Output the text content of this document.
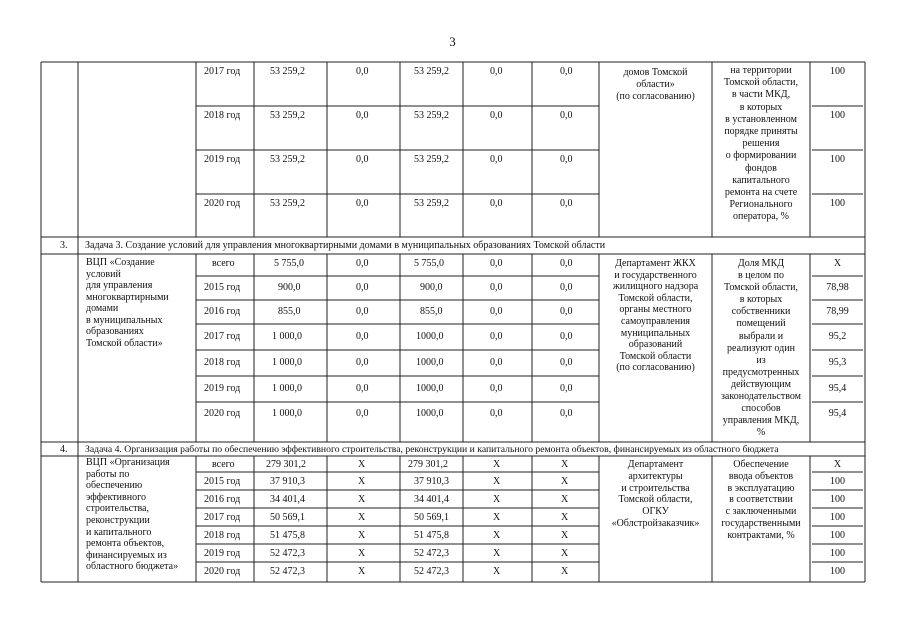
3
2017 год
2018 год
2019 год
2020 год
53 259,2
53 259,2
53 259,2
53 259,2
0,0
0,0
0,0
0,0
53 259,2
53 259,2
53 259,2
53 259,2
0,0
0,0
0,0
0,0
0,0
0,0
0,0
0,0
домов Томской
области»
(по согласованию)
на территории
Томской области,
в части МКД,
в которых
в установленном
порядке приняты
решения
о формировании
фондов
капитального
ремонта на счете
Регионального
оператора, %
100
100
100
100
3. Задача 3. Создание условий для управления многоквартирными домами в муниципальных образованиях Томской области
ВЦП «Создание
условий
для управления
многоквартирными
домами
в муниципальных
образованиях
Томской области»
всего
2015 год
2016 год
2017 год
2018 год
2019 год
2020 год
5 755,0
900,0
855,0
1 000,0
1 000,0
1 000,0
1 000,0
0,0
0,0
0,0
0,0
0,0
0,0
0,0
5 755,0
900,0
855,0
1000,0
1000,0
1000,0
1000,0
0,0
0,0
0,0
0,0
0,0
0,0
0,0
0,0
0,0
0,0
0,0
0,0
0,0
0,0
Департамент ЖКХ
и государственного
жилищного надзора
Томской области,
органы местного
самоуправления
муниципальных
образований
Томской области
(по согласованию)
Доля МКД
в целом по
Томской области,
в которых
собственники
помещений
выбрали и
реализуют один
из
предусмотренных
действующим
законодательством
способов
управления МКД,
%
Х
78,98
78,99
95,2
95,3
95,4
95,4
4. Задача 4. Организация работы по обеспечению эффективного строительства, реконструкции и капитального ремонта объектов, финансируемых из областного бюджета
ВЦП «Организация
работы по
обеспечению
эффективного
строительства,
реконструкции
и капитального
ремонта объектов,
финансируемых из
областного бюджета»
всего
2015 год
2016 год
2017 год
2018 год
2019 год
2020 год
279 301,2
37 910,3
34 401,4
50 569,1
51 475,8
52 472,3
52 472,3
Х
Х
Х
Х
Х
Х
Х
279 301,2
37 910,3
34 401,4
50 569,1
51 475,8
52 472,3
52 472,3
Х
Х
Х
Х
Х
Х
Х
Х
Х
Х
Х
Х
Х
Х
Департамент
архитектуры
и строительства
Томской области,
ОГКУ
«Облстройзаказчик»
Обеспечение
ввода объектов
в эксплуатацию
в соответствии
с заключенными
государственными
контрактами, %
Х
100
100
100
100
100
100
